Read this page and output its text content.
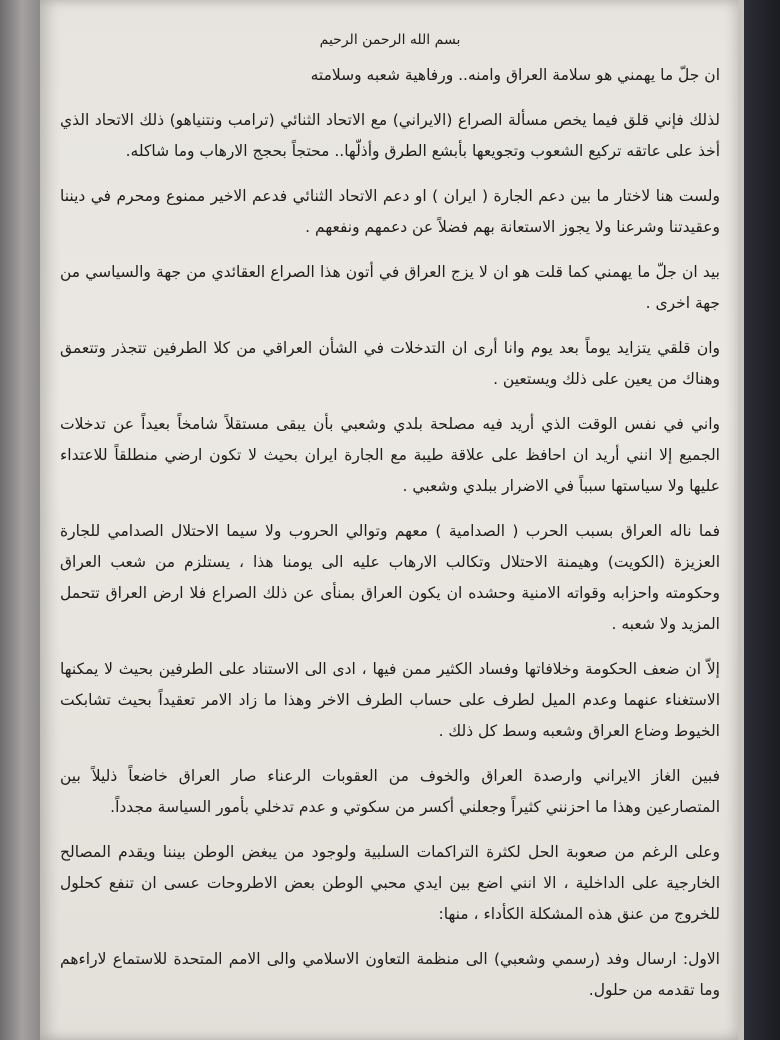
بسم الله الرحمن الرحيم

ان جلّ ما يهمني هو سلامة العراق وامنه.. ورفاهية شعبه وسلامته

لذلك فإني قلق فيما يخص مسألة الصراع (الايراني) مع الاتحاد الثنائي (ترامب ونتنياهو) ذلك الاتحاد الذي أخذ على عاتقه تركيع الشعوب وتجويعها بأبشع الطرق وأذلّها.. محتجاً بحجج الارهاب وما شاكله.

ولست هنا لاختار ما بين دعم الجارة ( ايران ) او دعم الاتحاد الثنائي فدعم الاخير ممنوع ومحرم في ديننا وعقيدتنا وشرعنا ولا يجوز الاستعانة بهم فضلاً عن دعمهم ونفعهم .

بيد ان جلّ ما يهمني كما قلت هو ان لا يزج العراق في أتون هذا الصراع العقائدي من جهة والسياسي من جهة اخرى .

وان قلقي يتزايد يوماً بعد يوم وانا أرى ان التدخلات في الشأن العراقي من كلا الطرفين تتجذر وتتعمق وهناك من يعين على ذلك ويستعين .

واني في نفس الوقت الذي أريد فيه مصلحة بلدي وشعبي بأن يبقى مستقلاً شامخاً بعيداً عن تدخلات الجميع إلا انني أريد ان احافظ على علاقة طيبة مع الجارة ايران بحيث لا تكون ارضي منطلقاً للاعتداء عليها ولا سياستها سبباً في الاضرار ببلدي وشعبي .

فما ناله العراق بسبب الحرب ( الصدامية ) معهم وتوالي الحروب ولا سيما الاحتلال الصدامي للجارة العزيزة (الكويت) وهيمنة الاحتلال وتكالب الارهاب عليه الى يومنا هذا ، يستلزم من شعب العراق وحكومته واحزابه وقواته الامنية وحشده ان يكون العراق بمنأى عن ذلك الصراع فلا ارض العراق تتحمل المزيد ولا شعبه .

إلاّ ان ضعف الحكومة وخلافاتها وفساد الكثير ممن فيها ، ادى الى الاستناد على الطرفين بحيث لا يمكنها الاستغناء عنهما وعدم الميل لطرف على حساب الطرف الاخر وهذا ما زاد الامر تعقيداً بحيث تشابكت الخيوط وضاع العراق وشعبه وسط كل ذلك .

فبين الغاز الايراني وارصدة العراق والخوف من العقوبات الرعناء صار العراق خاضعاً ذليلاً بين المتصارعين وهذا ما احزنني كثيراً وجعلني أكسر من سكوتي و عدم تدخلي بأمور السياسة مجدداً.

وعلى الرغم من صعوبة الحل لكثرة التراكمات السلبية ولوجود من يبغض الوطن بيننا ويقدم المصالح الخارجية على الداخلية ، الا انني اضع بين ايدي محبي الوطن بعض الاطروحات عسى ان تنفع كحلول للخروج من عنق هذه المشكلة الكأداء ، منها:

الاول: ارسال وفد (رسمي وشعبي) الى منظمة التعاون الاسلامي والى الامم المتحدة للاستماع لاراءهم وما تقدمه من حلول.
